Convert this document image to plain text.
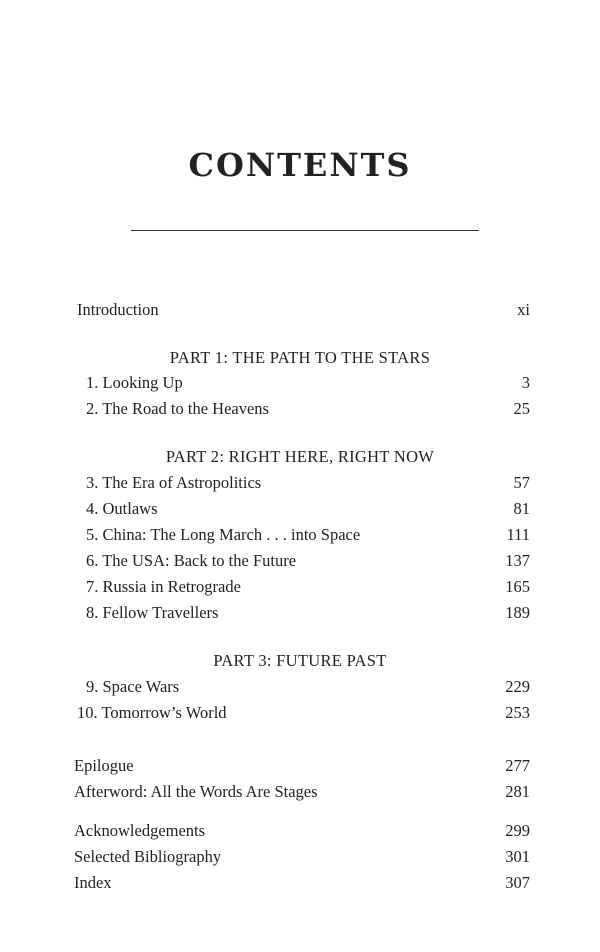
CONTENTS
Introduction	xi
PART 1: THE PATH TO THE STARS
1. Looking Up	3
2. The Road to the Heavens	25
PART 2: RIGHT HERE, RIGHT NOW
3. The Era of Astropolitics	57
4. Outlaws	81
5. China: The Long March . . . into Space	111
6. The USA: Back to the Future	137
7. Russia in Retrograde	165
8. Fellow Travellers	189
PART 3: FUTURE PAST
9. Space Wars	229
10. Tomorrow’s World	253
Epilogue	277
Afterword: All the Words Are Stages	281
Acknowledgements	299
Selected Bibliography	301
Index	307
